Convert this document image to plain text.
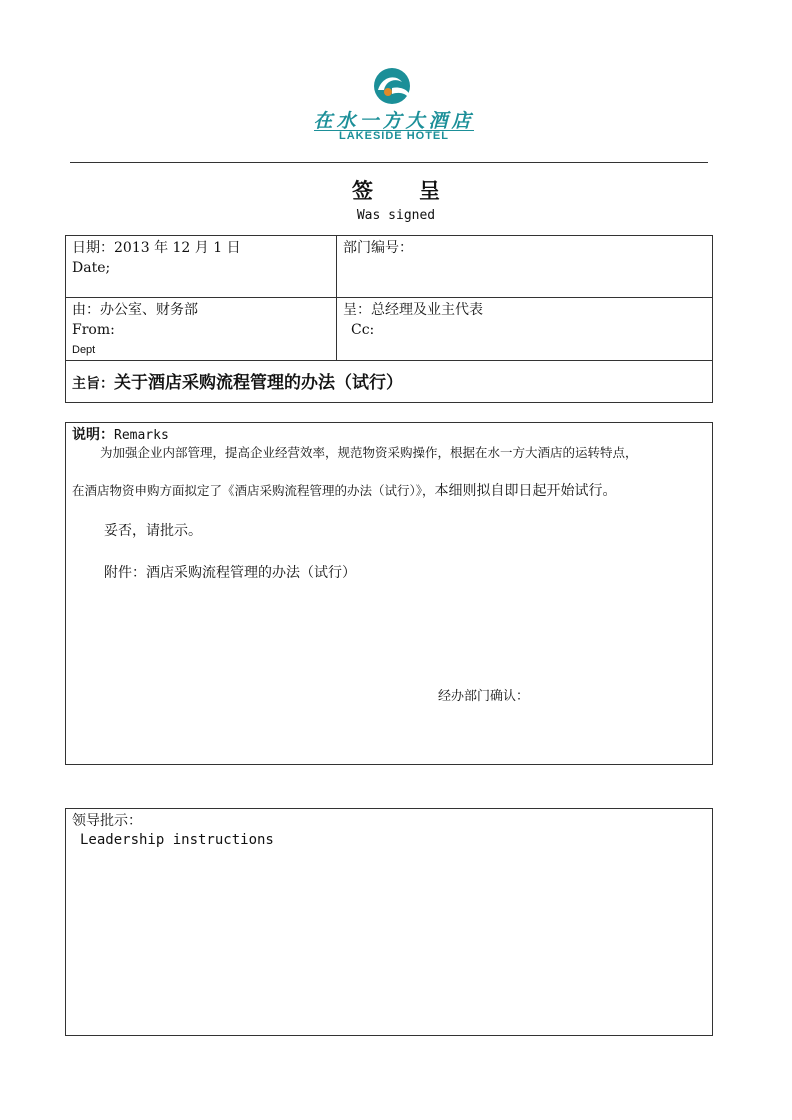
在水一方大酒店
LAKESIDE HOTEL
签呈
Was signed
日期：2013 年 12 月 1 日
Date;
部门编号：
由：办公室、财务部
From:
Dept
呈：总经理及业主代表
Cc:
主旨：关于酒店采购流程管理的办法（试行）
说明：Remarks
为加强企业内部管理，提高企业经营效率，规范物资采购操作，根据在水一方大酒店的运转特点，
在酒店物资申购方面拟定了《酒店采购流程管理的办法（试行）》，本细则拟自即日起开始试行。
妥否，请批示。
附件：酒店采购流程管理的办法（试行）
经办部门确认：
领导批示：
Leadership instructions
